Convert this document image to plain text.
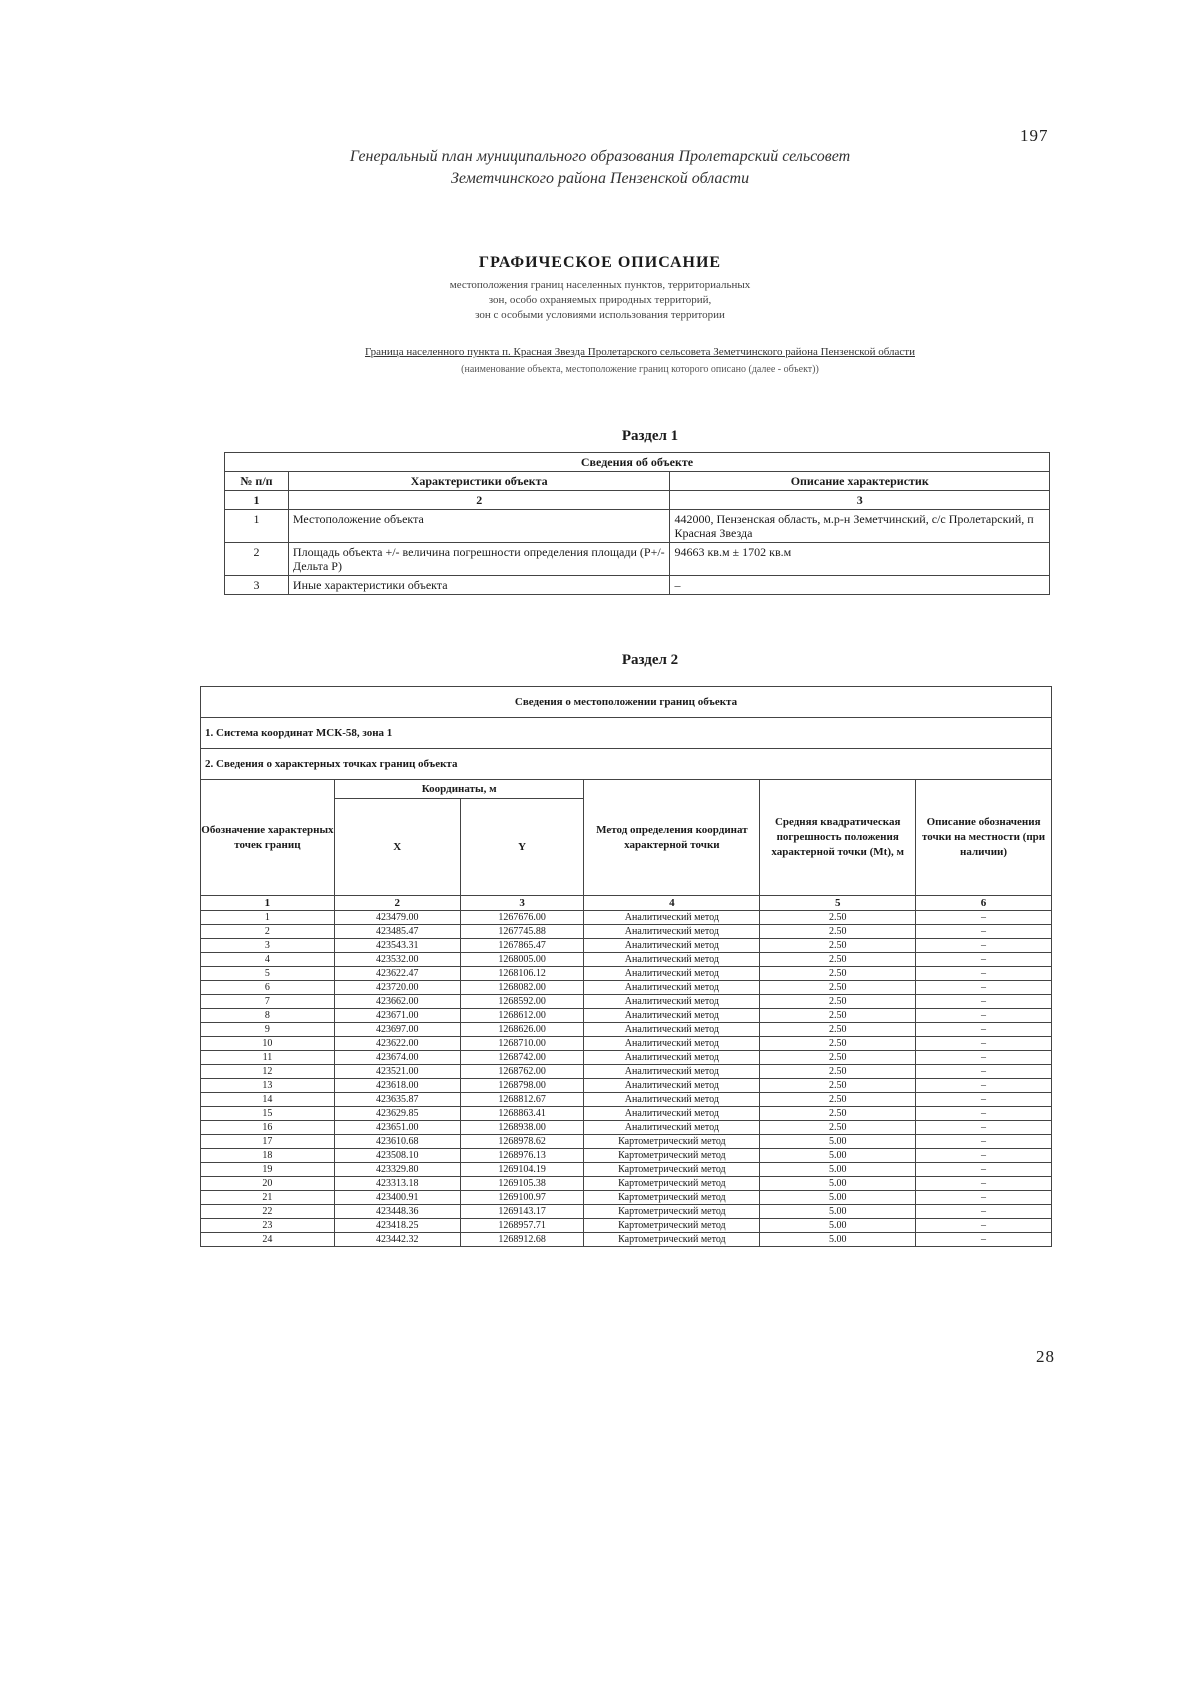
197
Генеральный план муниципального образования Пролетарский сельсовет
Земетчинского района Пензенской области
ГРАФИЧЕСКОЕ ОПИСАНИЕ
местоположения границ населенных пунктов, территориальных
зон, особо охраняемых природных территорий,
зон с особыми условиями использования территории
Граница населенного пункта п. Красная Звезда Пролетарского сельсовета Земетчинского района Пензенской области
(наименование объекта, местоположение границ которого описано (далее - объект))
Раздел 1
Сведения об объекте		
№ п/п	Характеристики объекта	Описание характеристик
1	2	3
1	Местоположение объекта	442000, Пензенская область, м.р-н Земетчинский, с/с Пролетарский, п Красная Звезда
2	Площадь объекта +/- величина погрешности определения площади (P+/-Дельта P)	94663 кв.м ± 1702 кв.м
3	Иные характеристики объекта	–
Раздел 2
Сведения о местоположении границ объекта					
1. Система координат МСК-58, зона 1					
2. Сведения о характерных точках границ объекта					
Обозначение характерных точек границ	Координаты, м		Метод определения координат характерной точки	Средняя квадратическая погрешность положения характерной точки (Мt), м	Описание обозначения точки на местности (при наличии)
	X	Y			
1	2	3	4	5	6
1	423479.00	1267676.00	Аналитический метод	2.50	–
2	423485.47	1267745.88	Аналитический метод	2.50	–
3	423543.31	1267865.47	Аналитический метод	2.50	–
4	423532.00	1268005.00	Аналитический метод	2.50	–
5	423622.47	1268106.12	Аналитический метод	2.50	–
6	423720.00	1268082.00	Аналитический метод	2.50	–
7	423662.00	1268592.00	Аналитический метод	2.50	–
8	423671.00	1268612.00	Аналитический метод	2.50	–
9	423697.00	1268626.00	Аналитический метод	2.50	–
10	423622.00	1268710.00	Аналитический метод	2.50	–
11	423674.00	1268742.00	Аналитический метод	2.50	–
12	423521.00	1268762.00	Аналитический метод	2.50	–
13	423618.00	1268798.00	Аналитический метод	2.50	–
14	423635.87	1268812.67	Аналитический метод	2.50	–
15	423629.85	1268863.41	Аналитический метод	2.50	–
16	423651.00	1268938.00	Аналитический метод	2.50	–
17	423610.68	1268978.62	Картометрический метод	5.00	–
18	423508.10	1268976.13	Картометрический метод	5.00	–
19	423329.80	1269104.19	Картометрический метод	5.00	–
20	423313.18	1269105.38	Картометрический метод	5.00	–
21	423400.91	1269100.97	Картометрический метод	5.00	–
22	423448.36	1269143.17	Картометрический метод	5.00	–
23	423418.25	1268957.71	Картометрический метод	5.00	–
24	423442.32	1268912.68	Картометрический метод	5.00	–
28
